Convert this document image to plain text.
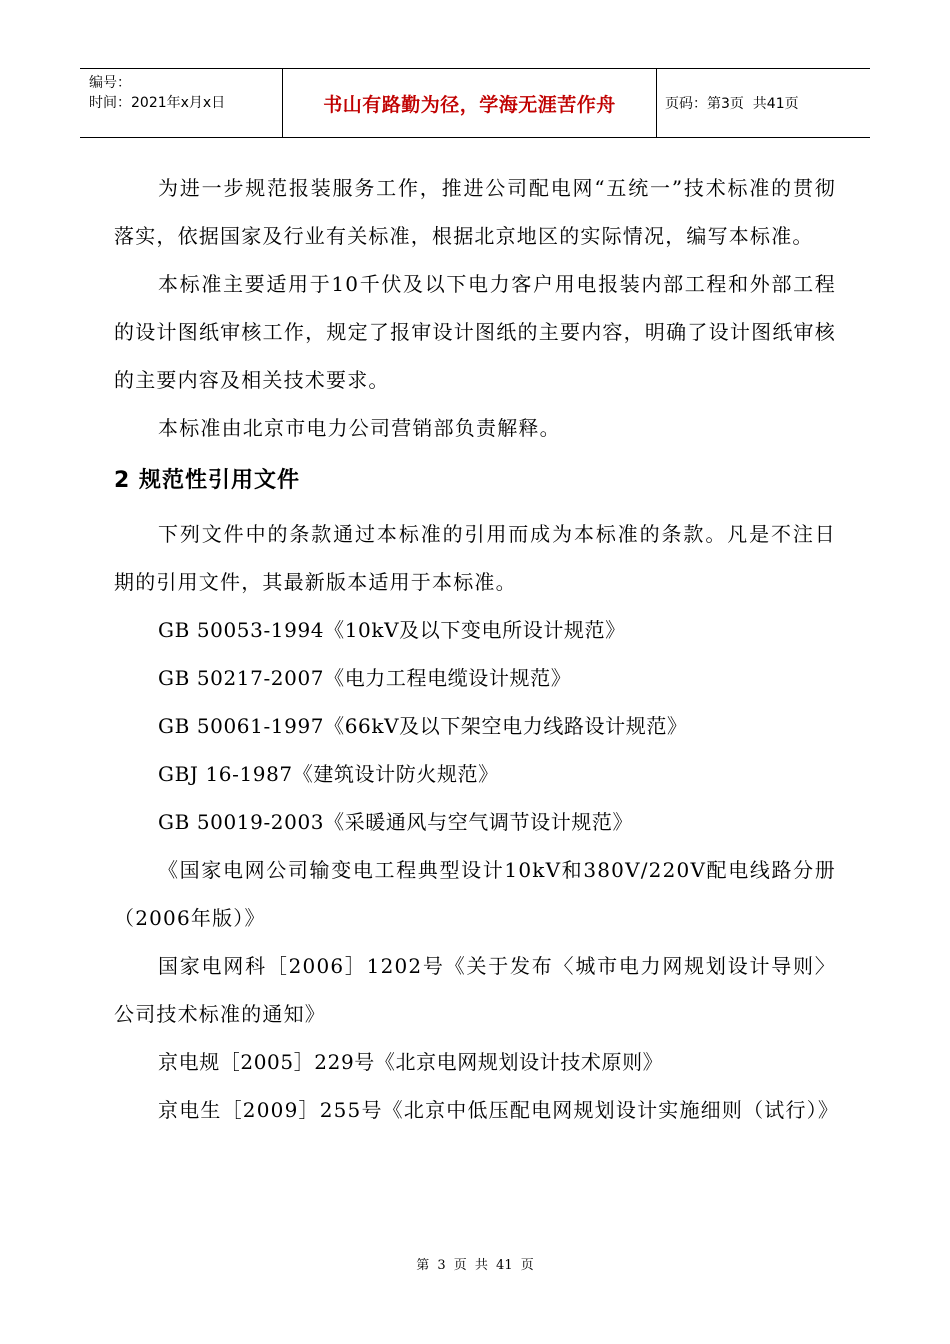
编号：
时间：2021年x月x日	书山有路勤为径，学海无涯苦作舟	页码：第3页  共41页

为进一步规范报装服务工作，推进公司配电网“五统一”技术标准的贯彻落实，依据国家及行业有关标准，根据北京地区的实际情况，编写本标准。

本标准主要适用于10千伏及以下电力客户用电报装内部工程和外部工程的设计图纸审核工作，规定了报审设计图纸的主要内容，明确了设计图纸审核的主要内容及相关技术要求。

本标准由北京市电力公司营销部负责解释。

2 规范性引用文件

下列文件中的条款通过本标准的引用而成为本标准的条款。凡是不注日期的引用文件，其最新版本适用于本标准。

GB 50053-1994《10kV及以下变电所设计规范》

GB 50217-2007《电力工程电缆设计规范》

GB 50061-1997《66kV及以下架空电力线路设计规范》

GBJ 16-1987《建筑设计防火规范》

GB 50019-2003《采暖通风与空气调节设计规范》

《国家电网公司输变电工程典型设计10kV和380V/220V配电线路分册（2006年版）》

国家电网科［2006］1202号《关于发布〈城市电力网规划设计导则〉公司技术标准的通知》

京电规［2005］229号《北京电网规划设计技术原则》

京电生［2009］255号《北京中低压配电网规划设计实施细则（试行）》

第 3 页 共 41 页
